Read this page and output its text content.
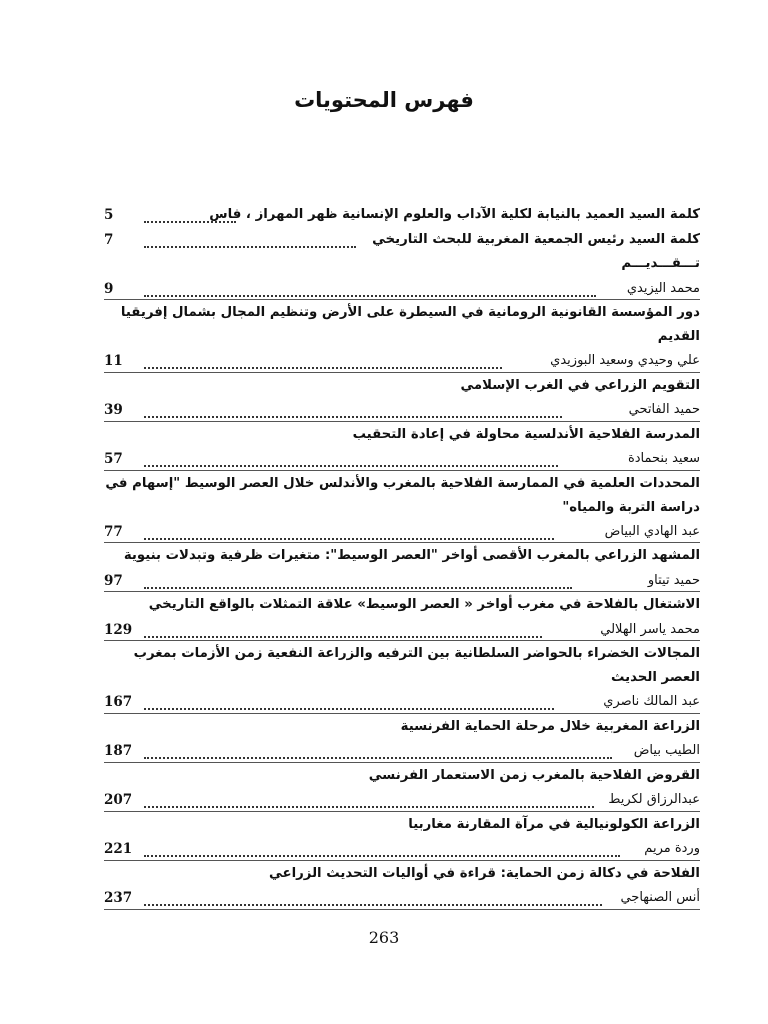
فهرس المحتويات
كلمة السيد العميد بالنيابة لكلية الآداب والعلوم الإنسانية ظهر المهراز ، فاس
5
كلمة السيد رئيس الجمعية المغربية للبحث التاريخي
7
تـــقـــديـــم
محمد اليزيدي
9
دور المؤسسة القانونية الرومانية في السيطرة على الأرض وتنظيم المجال بشمال إفريقيا القديم
علي وحيدي وسعيد البوزيدي
11
التقويم الزراعي في الغرب الإسلامي
حميد الفاتحي
39
المدرسة الفلاحية الأندلسية محاولة في إعادة التحقيب
سعيد بنحمادة
57
المحددات العلمية في الممارسة الفلاحية بالمغرب والأندلس خلال العصر الوسيط "إسهام في دراسة التربة والمياه"
عبد الهادي البياض
77
المشهد الزراعي بالمغرب الأقصى أواخر "العصر الوسيط": متغيرات ظرفية وتبدلات بنيوية
حميد تيتاو
97
الاشتغال بالفلاحة في مغرب أواخر « العصر الوسيط» علاقة التمثلات بالواقع التاريخي
محمد ياسر الهلالي
129
المجالات الخضراء بالحواضر السلطانية بين الترفيه والزراعة النفعية زمن الأزمات بمغرب العصر الحديث
عبد المالك ناصري
167
الزراعة المغربية خلال مرحلة الحماية الفرنسية
الطيب بياض
187
القروض الفلاحية بالمغرب زمن الاستعمار الفرنسي
عبدالرزاق لكريط
207
الزراعة الكولونيالية في مرآة المقارنة مغاربيا
وردة مريم
221
الفلاحة في دكالة زمن الحماية: قراءة في أواليات التحديث الزراعي
أنس الصنهاجي
237
263
